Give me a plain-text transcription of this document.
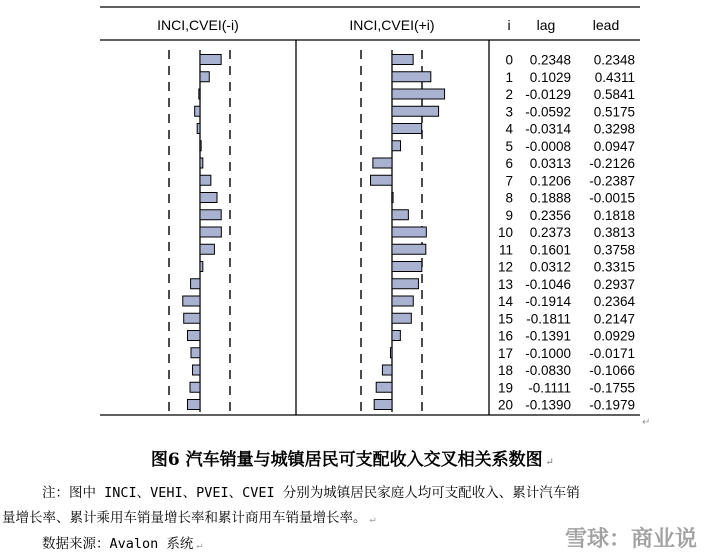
INCI,CVEI(-i)	INCI,CVEI(+i)	i lag	lead
0 0.2348 0.2348
1 0.1029 0.4311
2 -0.0129 0.5841
3 -0.0592 0.5175
4 -0.0314 0.3298
5 -0.0008 0.0947
6 0.0313 -0.2126
7 0.1206 -0.2387
8 0.1888 -0.0015
9 0.2356 0.1818
10 0.2373 0.3813
11 0.1601 0.3758
12 0.0312 0.3315
13 -0.1046 0.2937
14 -0.1914 0.2364
15 -0.1811 0.2147
16 -0.1391 0.0929
17 -0.1000 -0.0171
18 -0.0830 -0.1066
19 -0.1111 -0.1755
20 -0.1390 -0.1979
↵
图6 汽车销量与城镇居民可支配收入交叉相关系数图 ↵
注：图中 INCI、VEHI、PVEI、CVEI 分别为城镇居民家庭人均可支配收入、累计汽车销
量增长率、累计乘用车销量增长率和累计商用车销量增长率。 ↵
数据来源：Avalon 系统 ↵	雪球：商业说
